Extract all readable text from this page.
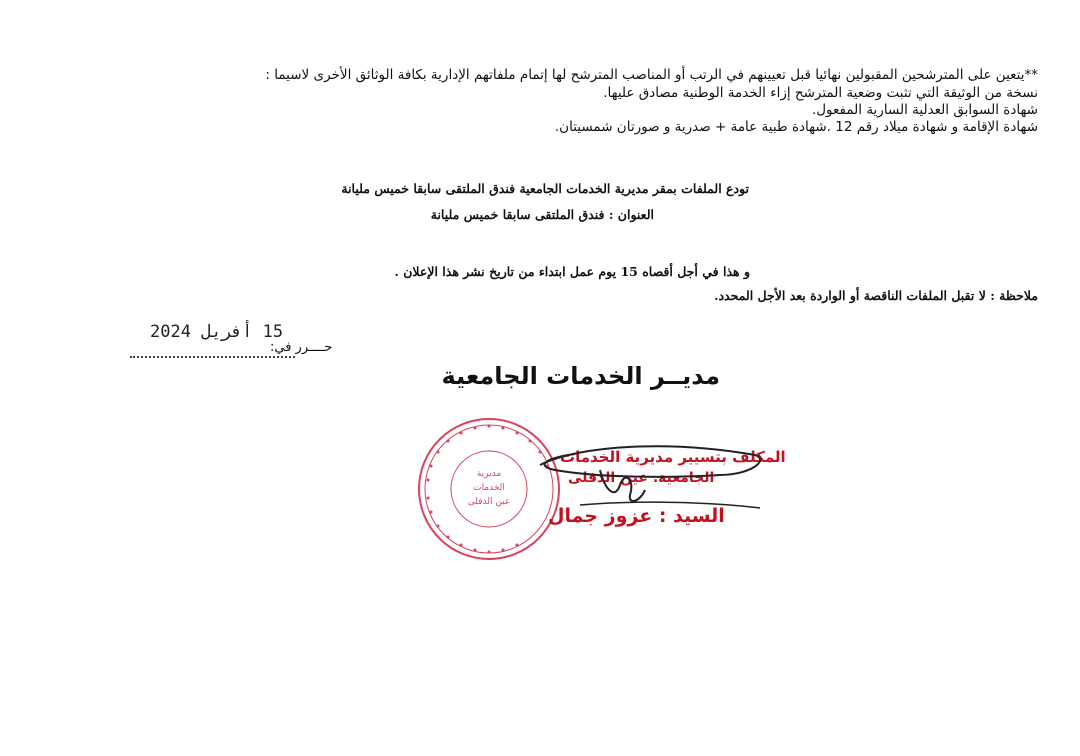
**يتعين على المترشحين المقبولين نهائيا قبل تعيينهم في الرتب أو المناصب المترشح لها إتمام ملفاتهم الإدارية بكافة الوثائق الأخرى لاسيما :
نسخة من الوثيقة التي تثبت وضعية المترشح إزاء الخدمة الوطنية مصادق عليها.
شهادة السوابق العدلية السارية المفعول.
شهادة الإقامة و شهادة ميلاد رقم 12 .شهادة طبية عامة + صدرية و صورتان شمسيتان.
تودع الملفات بمقر مديرية الخدمات الجامعية فندق الملتقى سابقا خميس مليانة
العنوان : فندق الملتقى سابقا خميس مليانة
و هذا في أجل أقصاه 15 يوم عمل ابتداء من تاريخ نشر هذا الإعلان .
ملاحظة : لا تقبل الملفات الناقصة أو الواردة بعد الأجل المحدد.
15 أفريل 2024
حــــرر في:
مديــر الخدمات الجامعية
مديرية
الخدمات
عين الدفلى
المكلف بتسيير مديرية الخدمات
الجامعية. عين الدفلى
السيد : عزوز جمال
